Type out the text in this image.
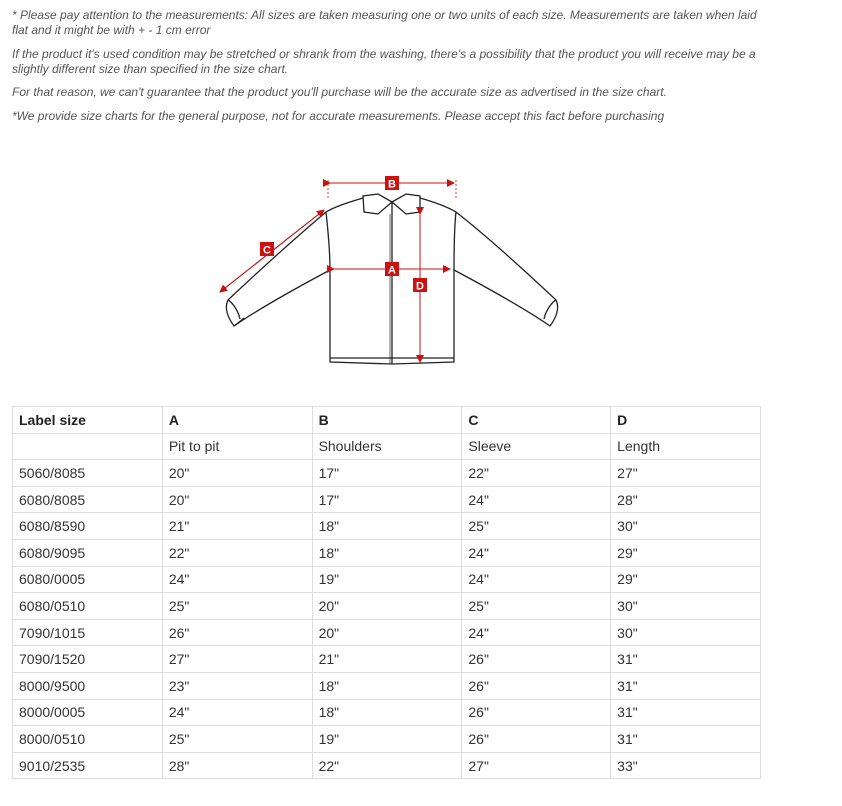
* Please pay attention to the measurements: All sizes are taken measuring one or two units of each size. Measurements are taken when laid flat and it might be with + - 1 cm error

If the product it's used condition may be stretched or shrank from the washing, there's a possibility that the product you will receive may be a slightly different size than specified in the size chart.

For that reason, we can't guarantee that the product you'll purchase will be the accurate size as advertised in the size chart.

*We provide size charts for the general purpose, not for accurate measurements. Please accept this fact before purchasing

B
C
A
D
Label size	A	B	C	D
	Pit to pit	Shoulders	Sleeve	Length
5060/8085	20"	17"	22"	27"
6080/8085	20"	17"	24"	28"
6080/8590	21"	18"	25"	30"
6080/9095	22"	18"	24"	29"
6080/0005	24"	19"	24"	29"
6080/0510	25"	20"	25"	30"
7090/1015	26"	20"	24"	30"
7090/1520	27"	21"	26"	31"
8000/9500	23"	18"	26"	31"
8000/0005	24"	18"	26"	31"
8000/0510	25"	19"	26"	31"
9010/2535	28"	22"	27"	33"
